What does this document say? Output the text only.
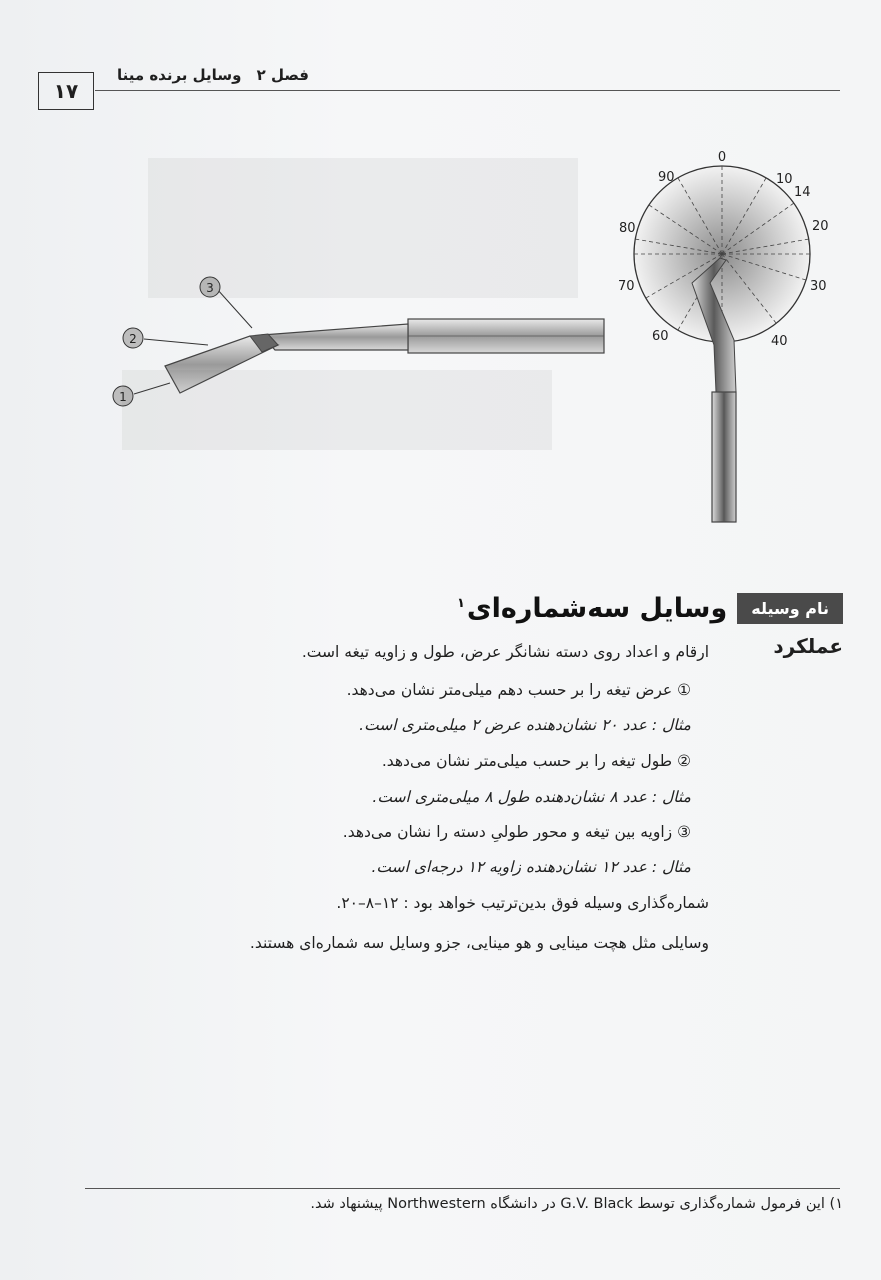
۱۷
فصل ۲ وسایل برنده مینا
3
2
1
0
10
14
20
30
40
60
70
80
90
نام وسیله
وسایل سه‌شماره‌ای$^۱$
عملکرد
ارقام و اعداد روی دسته نشانگر عرض، طول و زاویه تیغه است.
① عرض تیغه را بر حسب دهم میلی‌متر نشان می‌دهد.
مثال : عدد ۲۰ نشان‌دهنده عرض ۲ میلی‌متری است.
② طول تیغه را بر حسب میلی‌متر نشان می‌دهد.
مثال : عدد ۸ نشان‌دهنده طول ۸ میلی‌متری است.
③ زاویه بین تیغه و محور طولیِ دسته را نشان می‌دهد.
مثال : عدد ۱۲ نشان‌دهنده زاویه ۱۲ درجه‌ای است.
شماره‌گذاری وسیله فوق بدین‌ترتیب خواهد بود : ۱۲–۸–۲۰.
وسایلی مثل هچت مینایی و هو مینایی، جزو وسایل سه شماره‌ای هستند.
۱) این فرمول شماره‌گذاری توسط G.V. Black در دانشگاه Northwestern پیشنهاد شد.
